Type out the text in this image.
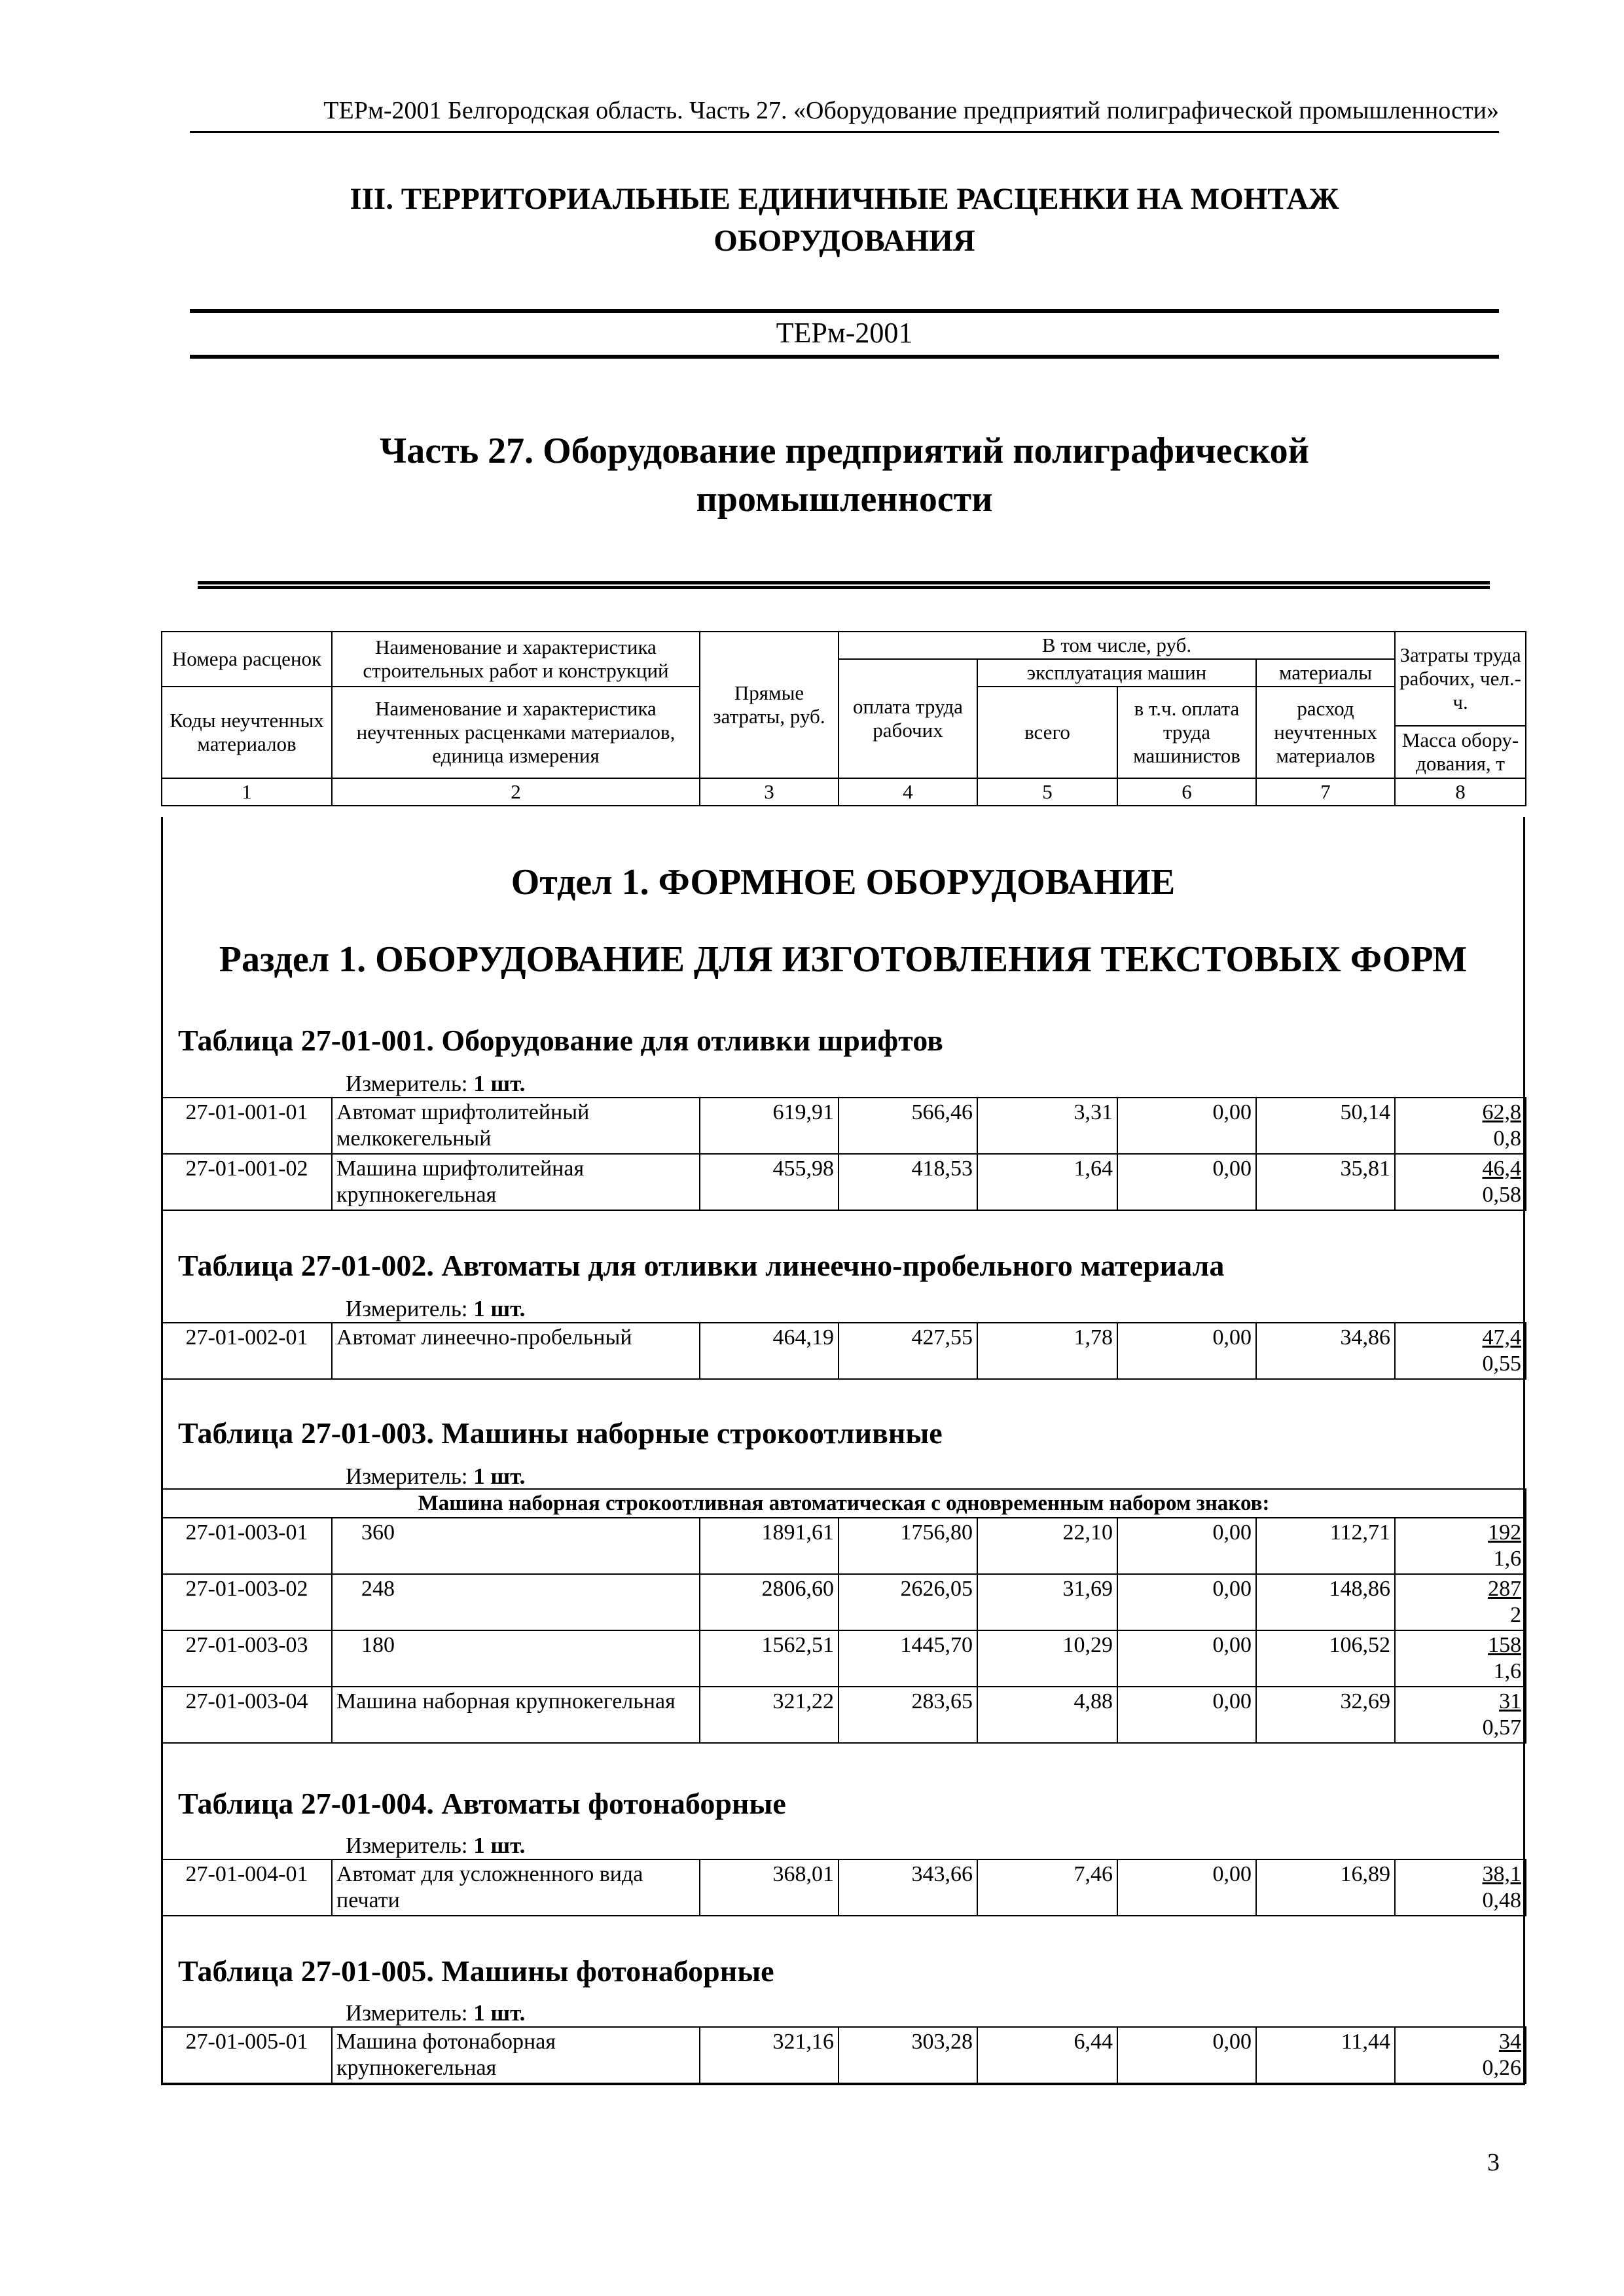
ТЕРм-2001 Белгородская область. Часть 27. «Оборудование предприятий полиграфической промышленности»
III. ТЕРРИТОРИАЛЬНЫЕ ЕДИНИЧНЫЕ РАСЦЕНКИ НА МОНТАЖ
ОБОРУДОВАНИЯ
ТЕРм-2001
Часть 27. Оборудование предприятий полиграфической
промышленности
Номера расценок	Наименование и характеристика строительных работ и конструкций	Прямые затраты, руб.	В том числе, руб.				Затраты труда рабочих, чел.-ч.
			оплата труда рабочих	эксплуатация машин		материалы	
Коды неучтенных материалов	Наименование и характеристика неучтенных расценками материалов, единица измерения			всего	в т.ч. оплата труда машинистов	расход неучтенных материалов	
							Масса обору-дования, т
1	2	3	4	5	6	7	8
Отдел 1. ФОРМНОЕ ОБОРУДОВАНИЕ
Раздел 1. ОБОРУДОВАНИЕ ДЛЯ ИЗГОТОВЛЕНИЯ ТЕКСТОВЫХ ФОРМ
Таблица 27-01-001. Оборудование для отливки шрифтов
Измеритель: 1 шт.
27-01-001-01	Автомат шрифтолитейный мелкокегельный	619,91	566,46	3,31	0,00	50,14	62,8
0,8

27-01-001-02	Машина шрифтолитейная крупнокегельная	455,98	418,53	1,64	0,00	35,81	46,4
0,58
Таблица 27-01-002. Автоматы для отливки линеечно-пробельного материала
Измеритель: 1 шт.
27-01-002-01	Автомат линеечно-пробельный	464,19	427,55	1,78	0,00	34,86	47,4
0,55
Таблица 27-01-003. Машины наборные строкоотливные
Измеритель: 1 шт.
Машина наборная строкоотливная автоматическая с одновременным набором знаков:							
27-01-003-01	360	1891,61	1756,80	22,10	0,00	112,71	192
1,6

27-01-003-02	248	2806,60	2626,05	31,69	0,00	148,86	287
2

27-01-003-03	180	1562,51	1445,70	10,29	0,00	106,52	158
1,6

27-01-003-04	Машина наборная крупнокегельная	321,22	283,65	4,88	0,00	32,69	31
0,57
Таблица 27-01-004. Автоматы фотонаборные
Измеритель: 1 шт.
27-01-004-01	Автомат для усложненного вида печати	368,01	343,66	7,46	0,00	16,89	38,1
0,48
Таблица 27-01-005. Машины фотонаборные
Измеритель: 1 шт.
27-01-005-01	Машина фотонаборная крупнокегельная	321,16	303,28	6,44	0,00	11,44	34
0,26
3
